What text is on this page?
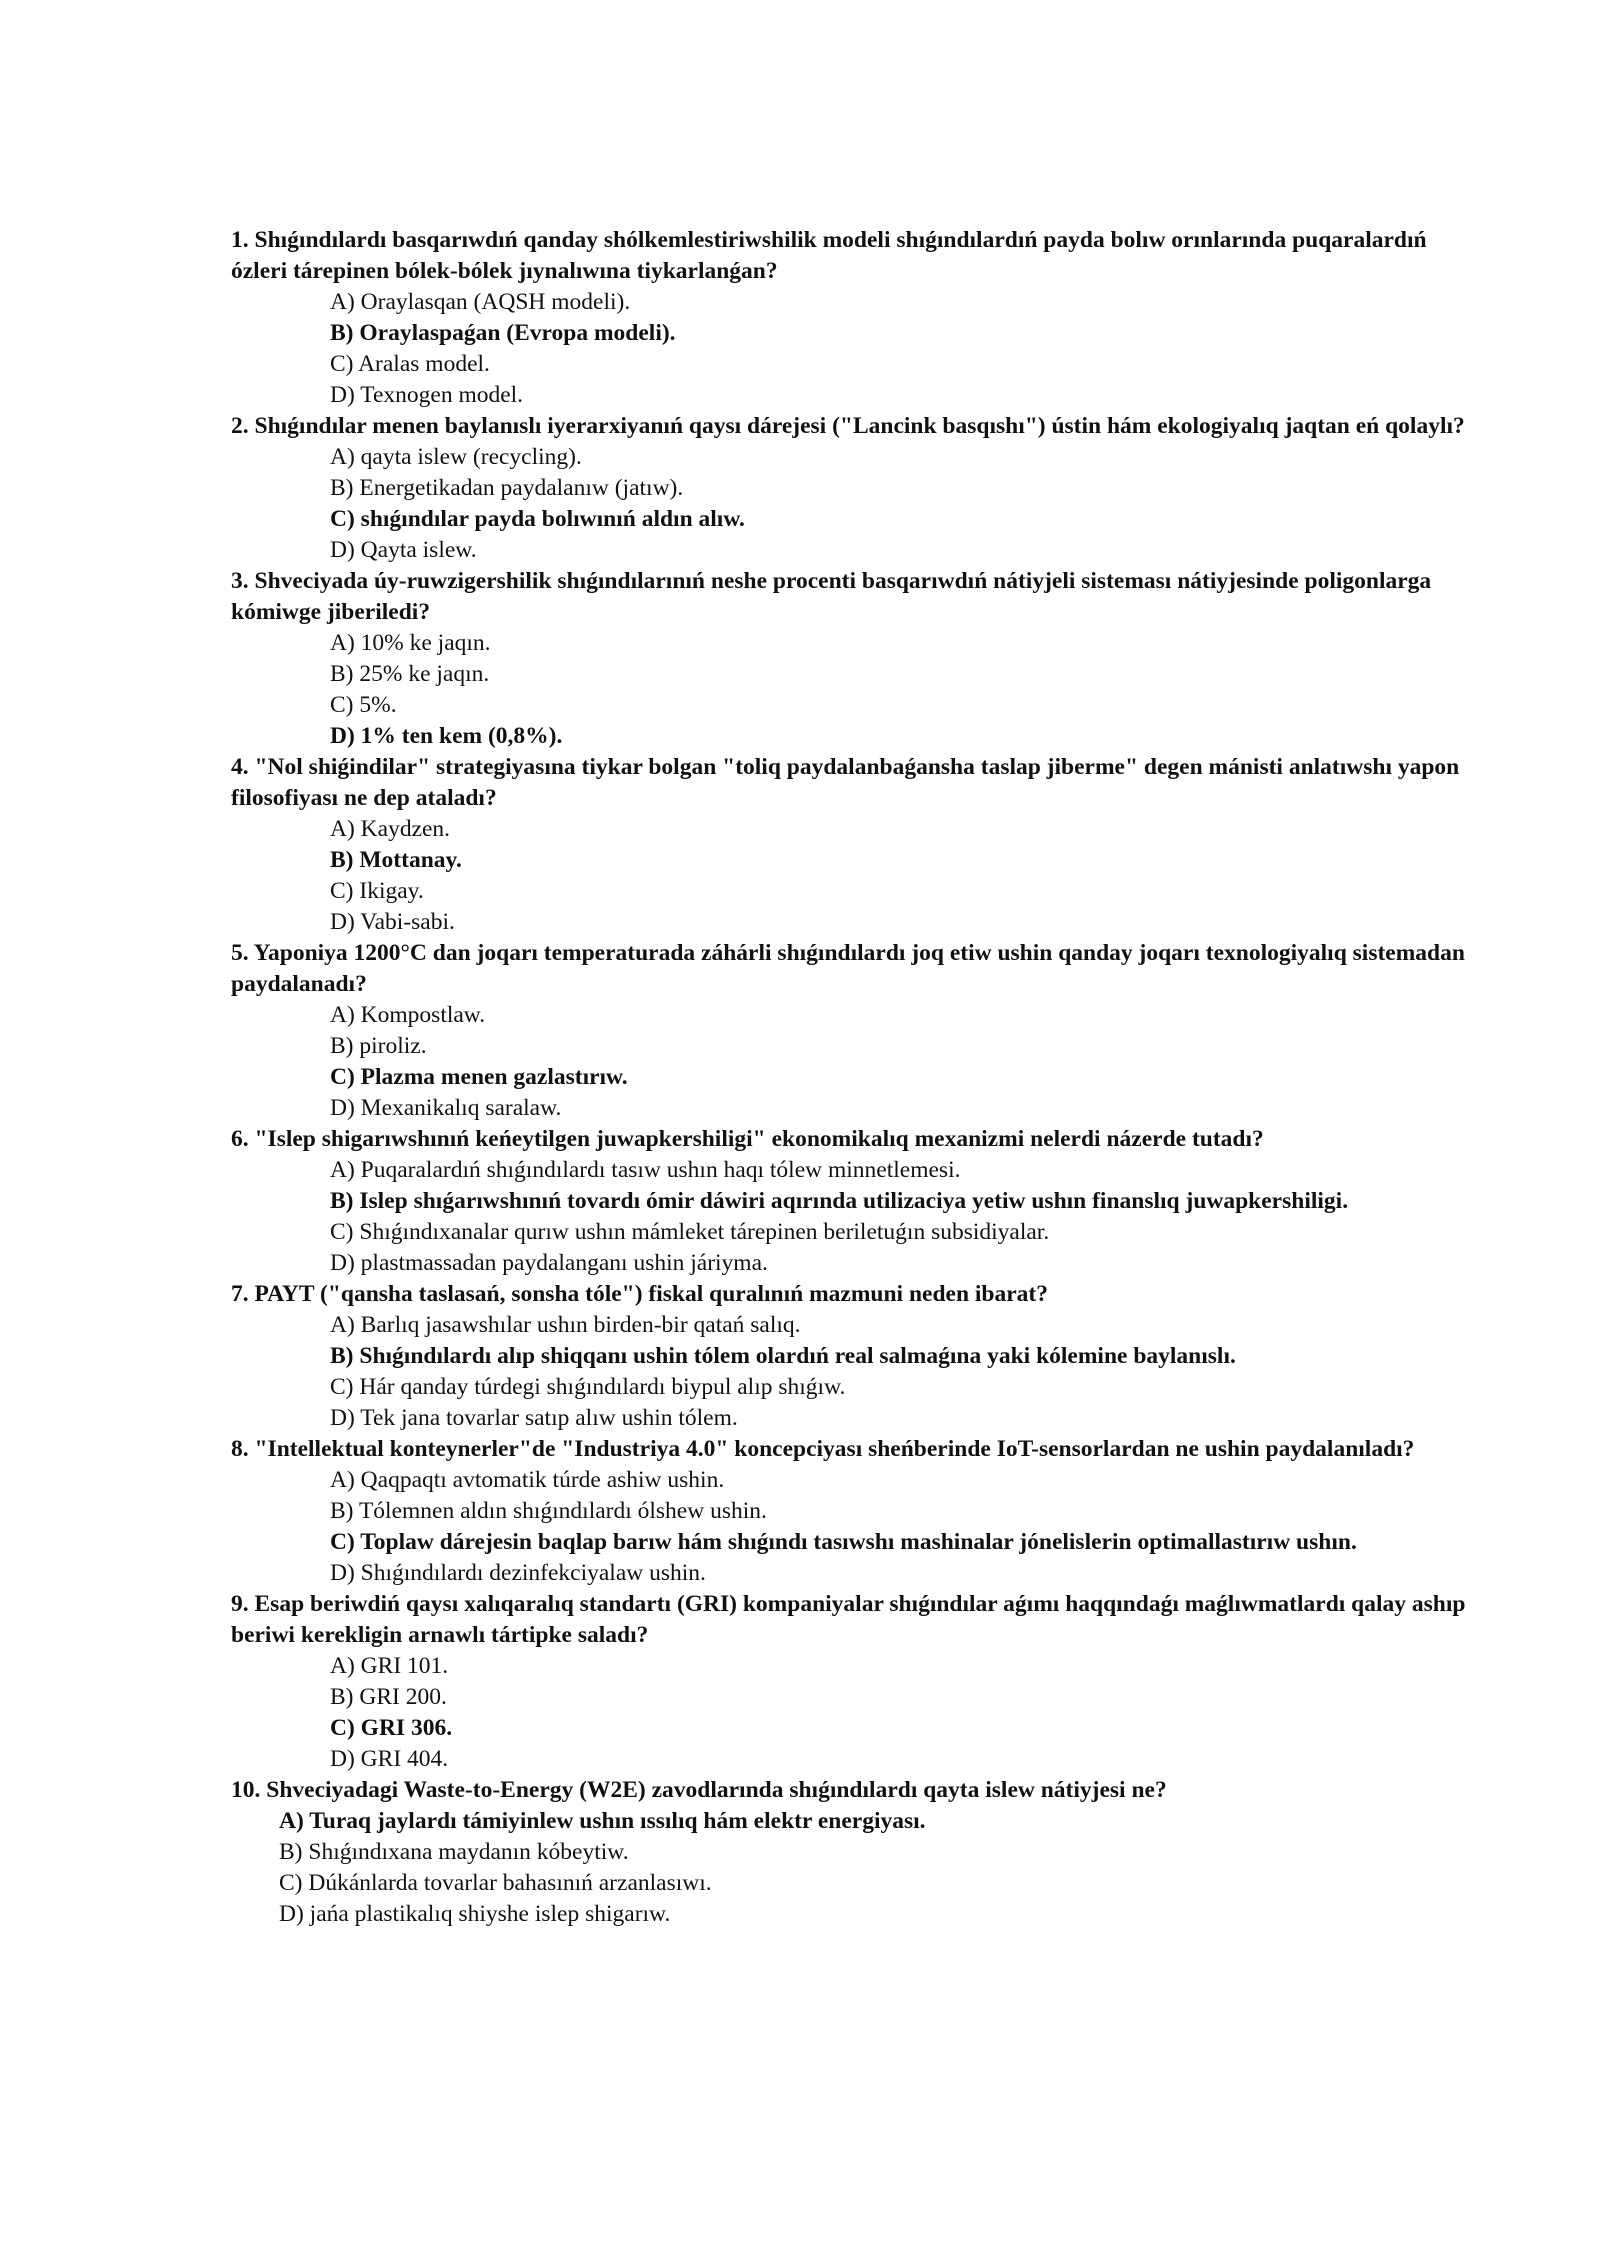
1. Shıǵındılardı basqarıwdıń qanday shólkemlestiriwshilik modeli shıǵındılardıń payda bolıw orınlarında puqaralardıń ózleri tárepinen bólek-bólek jıynalıwına tiykarlanǵan?
A) Oraylasqan (AQSH modeli).
B) Oraylaspaǵan (Evropa modeli).
C) Aralas model.
D) Texnogen model.
2. Shıǵındılar menen baylanıslı iyerarxiyanıń qaysı dárejesi ("Lancink basqıshı") ústin hám ekologiyalıq jaqtan eń qolaylı?
A) qayta islew (recycling).
B) Energetikadan paydalanıw (jatıw).
C) shıǵındılar payda bolıwınıń aldın alıw.
D) Qayta islew.
3. Shveciyada úy-ruwzigershilik shıǵındılarınıń neshe procenti basqarıwdıń nátiyjeli sisteması nátiyjesinde poligonlarga kómiwge jiberiledi?
A) 10% ke jaqın.
B) 25% ke jaqın.
C) 5%.
D) 1% ten kem (0,8%).
4. "Nol shiǵindilar" strategiyasına tiykar bolgan "toliq paydalanbaǵansha taslap jiberme" degen mánisti anlatıwshı yapon filosofiyası ne dep ataladı?
A) Kaydzen.
B) Mottanay.
C) Ikigay.
D) Vabi-sabi.
5. Yaponiya 1200°C dan joqarı temperaturada záhárli shıǵındılardı joq etiw ushin qanday joqarı texnologiyalıq sistemadan paydalanadı?
A) Kompostlaw.
B) piroliz.
C) Plazma menen gazlastırıw.
D) Mexanikalıq saralaw.
6. "Islep shigarıwshınıń keńeytilgen juwapkershiligi" ekonomikalıq mexanizmi nelerdi názerde tutadı?
A) Puqaralardıń shıǵındılardı tasıw ushın haqı tólew minnetlemesi.
B) Islep shıǵarıwshınıń tovardı ómir dáwiri aqırında utilizaciya yetiw ushın finanslıq juwapkershiligi.
C) Shıǵındıxanalar qurıw ushın mámleket tárepinen beriletuǵın subsidiyalar.
D) plastmassadan paydalanganı ushin járiyma.
7. PAYT ("qansha taslasań, sonsha tóle") fiskal quralınıń mazmuni neden ibarat?
A) Barlıq jasawshılar ushın birden-bir qatań salıq.
B) Shıǵındılardı alıp shiqqanı ushin tólem olardıń real salmaǵına yaki kólemine baylanıslı.
C) Hár qanday túrdegi shıǵındılardı biypul alıp shıǵıw.
D) Tek jana tovarlar satıp alıw ushin tólem.
8. "Intellektual konteynerler"de "Industriya 4.0" koncepciyası sheńberinde IoT-sensorlardan ne ushin paydalanıladı?
A) Qaqpaqtı avtomatik túrde ashiw ushin.
B) Tólemnen aldın shıǵındılardı ólshew ushin.
C) Toplaw dárejesin baqlap barıw hám shıǵındı tasıwshı mashinalar jónelislerin optimallastırıw ushın.
D) Shıǵındılardı dezinfekciyalaw ushin.
9. Esap beriwdiń qaysı xalıqaralıq standartı (GRI) kompaniyalar shıǵındılar aǵımı haqqındaǵı maǵlıwmatlardı qalay ashıp beriwi kerekligin arnawlı tártipke saladı?
A) GRI 101.
B) GRI 200.
C) GRI 306.
D) GRI 404.
10. Shveciyadagi Waste-to-Energy (W2E) zavodlarında shıǵındılardı qayta islew nátiyjesi ne?
A) Turaq jaylardı támiyinlew ushın ıssılıq hám elektr energiyası.
B) Shıǵındıxana maydanın kóbeytiw.
C) Dúkánlarda tovarlar bahasınıń arzanlasıwı.
D) jańa plastikalıq shiyshe islep shigarıw.
